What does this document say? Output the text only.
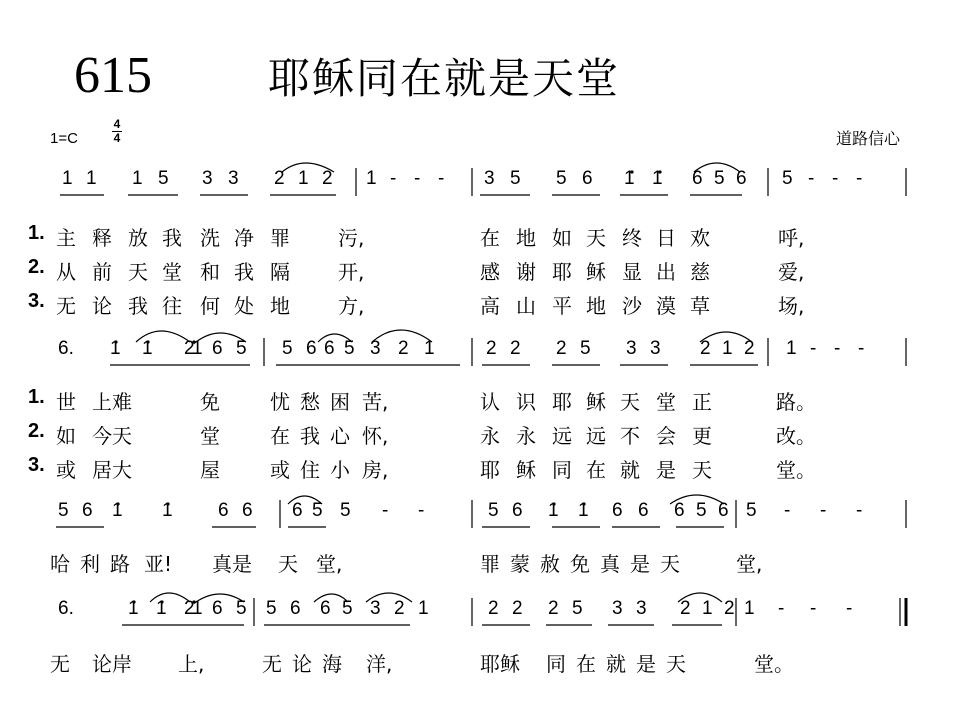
615	耶稣同在就是天堂
1=C	$\frac{4}{4}$	道路信心
1 1 1 5 3 3 2 1 2 1 - - - 3 5 5 6 1 1 6 5 6 5 - - -
6. 1 1 2
1 6 5 5 6 6 5 3 2 1	2 2 2 5 3 3 2 1 2 1 - - -
5 6 1 1 6 6 6 5 5 - -	5 6 1 1 6 6 6 5 6 5 - - -
6.	1 1 2
1 6 5 5 6 6 5 3 2 1	2 2 2 5 3 3 2 1 2 1 - - -
1. 主 释 放 我 洗 净 罪 污,	在 地 如 天 终 日 欢	呼,
2. 从 前 天 堂 和 我 隔 开,	感 谢 耶 稣 显 出 慈	爱,
3. 无 论 我 往 何 处 地 方,	高 山 平 地 沙 漠 草	场,
1. 世 上难	免	忧愁困 苦,	认 识 耶 稣 天 堂 正	路。
2. 如 今天	堂	在我心 怀,	永 永 远 远 不 会 更	改。
3. 或 居大	屋	或住小 房,	耶 稣 同 在 就 是 天	堂。
哈利路 亚! 真是 天 堂,	罪蒙赦免真是天 堂,
无 论岸 上,	无论海 洋,	耶稣 同在就是天	堂。
